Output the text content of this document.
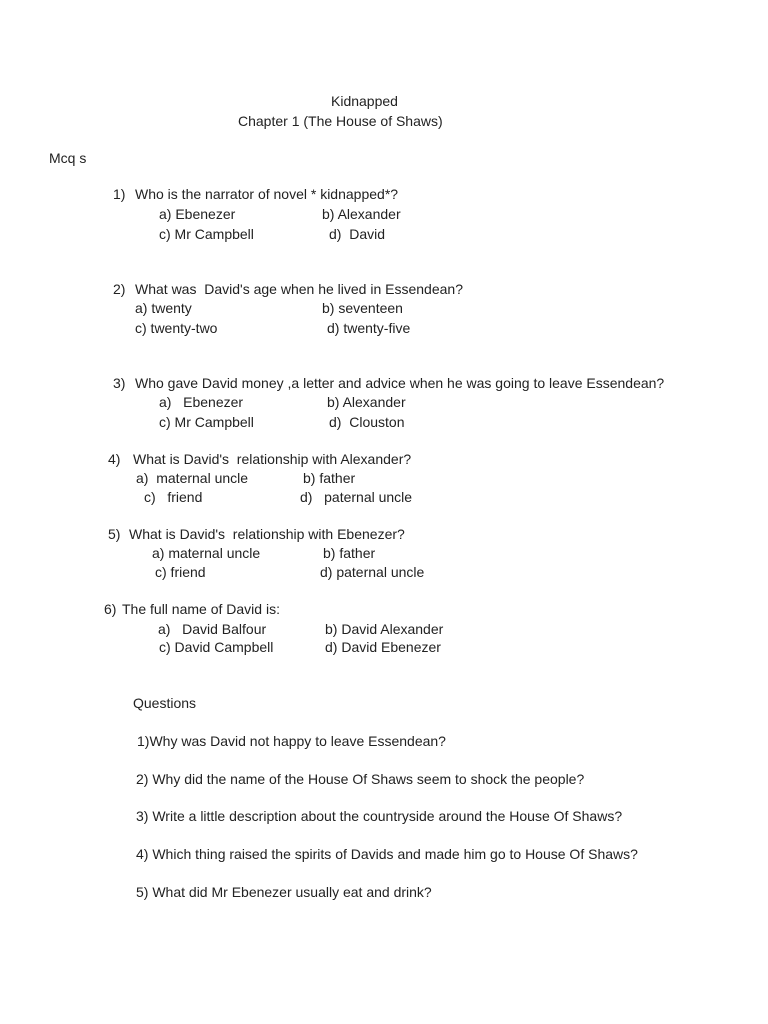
Kidnapped
Chapter 1 (The House of Shaws)
Mcq s
1) Who is the narrator of novel * kidnapped*?
a) Ebenezer	b) Alexander
c) Mr Campbell	d)  David
2) What was  David's age when he lived in Essendean?
a) twenty	b) seventeen
c) twenty-two	d) twenty-five
3) Who gave David money ,a letter and advice when he was going to leave Essendean?
a)   Ebenezer	b) Alexander
c) Mr Campbell	d)  Clouston
4) What is David's  relationship with Alexander?
a)  maternal uncle	b) father
c)   friend	d)   paternal uncle
5) What is David's  relationship with Ebenezer?
a) maternal uncle	b) father
c) friend	d) paternal uncle
6) The full name of David is:
a)   David Balfour	b) David Alexander
c) David Campbell	d) David Ebenezer
Questions
1)Why was David not happy to leave Essendean?
2) Why did the name of the House Of Shaws seem to shock the people?
3) Write a little description about the countryside around the House Of Shaws?
4) Which thing raised the spirits of Davids and made him go to House Of Shaws?
5) What did Mr Ebenezer usually eat and drink?
